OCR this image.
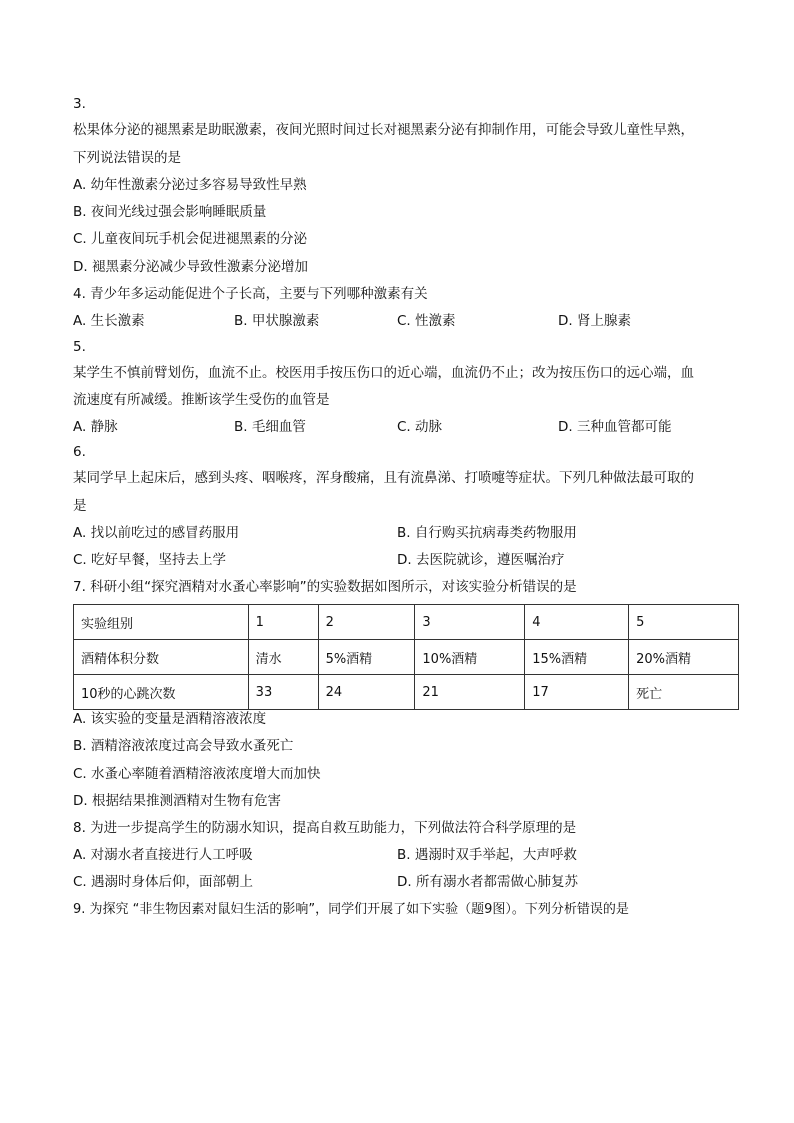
3.
松果体分泌的褪黑素是助眠激素，夜间光照时间过长对褪黑素分泌有抑制作用，可能会导致儿童性早熟，
下列说法错误的是
A. 幼年性激素分泌过多容易导致性早熟
B. 夜间光线过强会影响睡眠质量
C. 儿童夜间玩手机会促进褪黑素的分泌
D. 褪黑素分泌减少导致性激素分泌增加
4. 青少年多运动能促进个子长高，主要与下列哪种激素有关
A. 生长激素	B. 甲状腺激素	C. 性激素	D. 肾上腺素
5.
某学生不慎前臂划伤，血流不止。校医用手按压伤口的近心端，血流仍不止；改为按压伤口的远心端，血
流速度有所减缓。推断该学生受伤的血管是
A. 静脉	B. 毛细血管	C. 动脉	D. 三种血管都可能
6.
某同学早上起床后，感到头疼、咽喉疼，浑身酸痛，且有流鼻涕、打喷嚏等症状。下列几种做法最可取的
是
A. 找以前吃过的感冒药服用	B. 自行购买抗病毒类药物服用
C. 吃好早餐，坚持去上学	D. 去医院就诊，遵医嘱治疗
7. 科研小组“探究酒精对水蚤心率影响”的实验数据如图所示，对该实验分析错误的是
实验组别	1	2	3	4	5
酒精体积分数	清水	5%酒精	10%酒精	15%酒精	20%酒精
10秒的心跳次数	33	24	21	17	死亡
A. 该实验的变量是酒精溶液浓度
B. 酒精溶液浓度过高会导致水蚤死亡
C. 水蚤心率随着酒精溶液浓度增大而加快
D. 根据结果推测酒精对生物有危害
8. 为进一步提高学生的防溺水知识，提高自救互助能力，下列做法符合科学原理的是
A. 对溺水者直接进行人工呼吸	B. 遇溺时双手举起，大声呼救
C. 遇溺时身体后仰，面部朝上	D. 所有溺水者都需做心肺复苏
9. 为探究 “非生物因素对鼠妇生活的影响”，同学们开展了如下实验（题9图）。下列分析错误的是
